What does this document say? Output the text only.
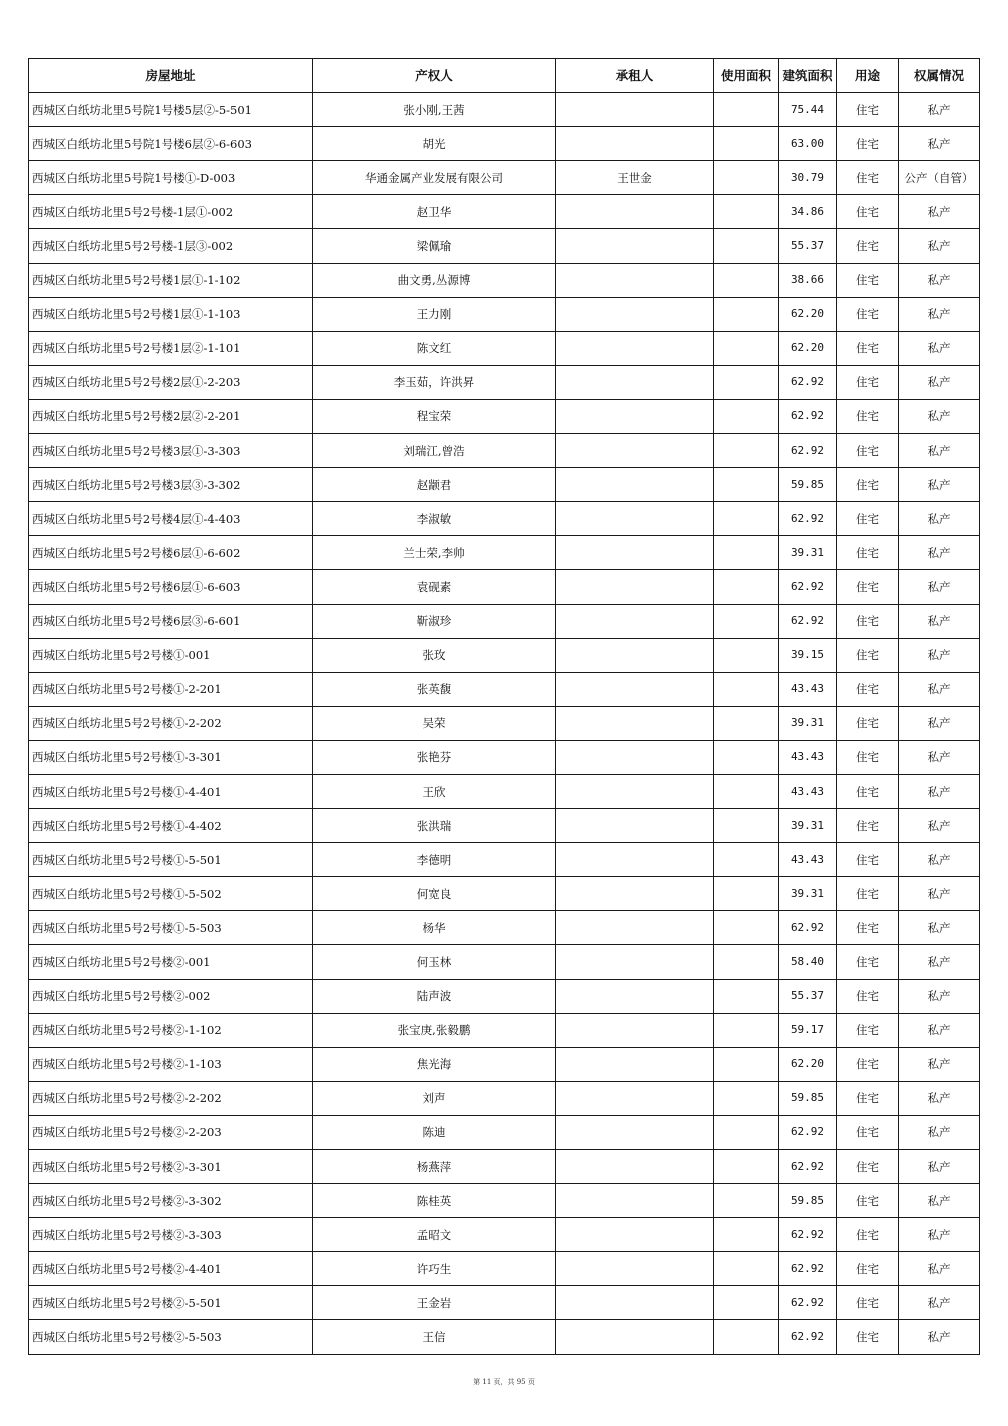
房屋地址	产权人	承租人	使用面积	建筑面积	用途	权属情况
西城区白纸坊北里5号院1号楼5层②-5-501	张小刚,王茜			75.44	住宅	私产
西城区白纸坊北里5号院1号楼6层②-6-603	胡光			63.00	住宅	私产
西城区白纸坊北里5号院1号楼①-D-003	华通金属产业发展有限公司	王世金		30.79	住宅	公产（自管）
西城区白纸坊北里5号2号楼-1层①-002	赵卫华			34.86	住宅	私产
西城区白纸坊北里5号2号楼-1层③-002	梁佩瑜			55.37	住宅	私产
西城区白纸坊北里5号2号楼1层①-1-102	曲文勇,丛源博			38.66	住宅	私产
西城区白纸坊北里5号2号楼1层①-1-103	王力刚			62.20	住宅	私产
西城区白纸坊北里5号2号楼1层②-1-101	陈文红			62.20	住宅	私产
西城区白纸坊北里5号2号楼2层①-2-203	李玉茹，许洪昇			62.92	住宅	私产
西城区白纸坊北里5号2号楼2层②-2-201	程宝荣			62.92	住宅	私产
西城区白纸坊北里5号2号楼3层①-3-303	刘瑞江,曾浩			62.92	住宅	私产
西城区白纸坊北里5号2号楼3层③-3-302	赵颛君			59.85	住宅	私产
西城区白纸坊北里5号2号楼4层①-4-403	李淑敏			62.92	住宅	私产
西城区白纸坊北里5号2号楼6层①-6-602	兰士荣,李帅			39.31	住宅	私产
西城区白纸坊北里5号2号楼6层①-6-603	袁砚素			62.92	住宅	私产
西城区白纸坊北里5号2号楼6层③-6-601	靳淑珍			62.92	住宅	私产
西城区白纸坊北里5号2号楼①-001	张玫			39.15	住宅	私产
西城区白纸坊北里5号2号楼①-2-201	张英馥			43.43	住宅	私产
西城区白纸坊北里5号2号楼①-2-202	吴荣			39.31	住宅	私产
西城区白纸坊北里5号2号楼①-3-301	张艳芬			43.43	住宅	私产
西城区白纸坊北里5号2号楼①-4-401	王欣			43.43	住宅	私产
西城区白纸坊北里5号2号楼①-4-402	张洪瑞			39.31	住宅	私产
西城区白纸坊北里5号2号楼①-5-501	李德明			43.43	住宅	私产
西城区白纸坊北里5号2号楼①-5-502	何宽良			39.31	住宅	私产
西城区白纸坊北里5号2号楼①-5-503	杨华			62.92	住宅	私产
西城区白纸坊北里5号2号楼②-001	何玉林			58.40	住宅	私产
西城区白纸坊北里5号2号楼②-002	陆声波			55.37	住宅	私产
西城区白纸坊北里5号2号楼②-1-102	张宝庚,张毅鹏			59.17	住宅	私产
西城区白纸坊北里5号2号楼②-1-103	焦光海			62.20	住宅	私产
西城区白纸坊北里5号2号楼②-2-202	刘声			59.85	住宅	私产
西城区白纸坊北里5号2号楼②-2-203	陈迪			62.92	住宅	私产
西城区白纸坊北里5号2号楼②-3-301	杨燕萍			62.92	住宅	私产
西城区白纸坊北里5号2号楼②-3-302	陈桂英			59.85	住宅	私产
西城区白纸坊北里5号2号楼②-3-303	孟昭文			62.92	住宅	私产
西城区白纸坊北里5号2号楼②-4-401	许巧生			62.92	住宅	私产
西城区白纸坊北里5号2号楼②-5-501	王金岩			62.92	住宅	私产
西城区白纸坊北里5号2号楼②-5-503	王信			62.92	住宅	私产
第 11 页，共 95 页
